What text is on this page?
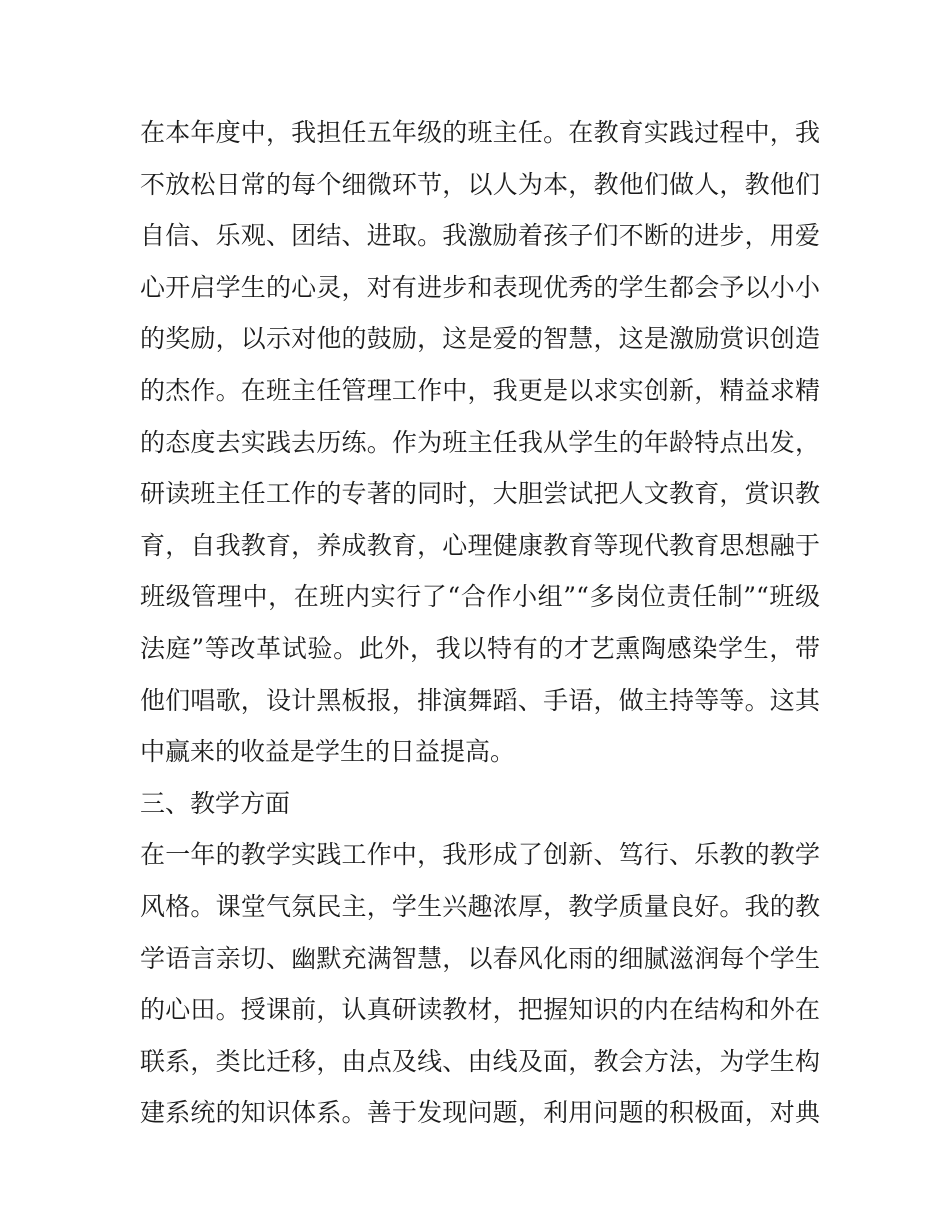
在本年度中，我担任五年级的班主任。在教育实践过程中，我
不放松日常的每个细微环节，以人为本，教他们做人，教他们
自信、乐观、团结、进取。我激励着孩子们不断的进步，用爱
心开启学生的心灵，对有进步和表现优秀的学生都会予以小小
的奖励，以示对他的鼓励，这是爱的智慧，这是激励赏识创造
的杰作。在班主任管理工作中，我更是以求实创新，精益求精
的态度去实践去历练。作为班主任我从学生的年龄特点出发，
研读班主任工作的专著的同时，大胆尝试把人文教育，赏识教
育，自我教育，养成教育，心理健康教育等现代教育思想融于
班级管理中，在班内实行了“合作小组”“多岗位责任制”“班级
法庭”等改革试验。此外，我以特有的才艺熏陶感染学生，带
他们唱歌，设计黑板报，排演舞蹈、手语，做主持等等。这其
中赢来的收益是学生的日益提高。
三、教学方面
在一年的教学实践工作中，我形成了创新、笃行、乐教的教学
风格。课堂气氛民主，学生兴趣浓厚，教学质量良好。我的教
学语言亲切、幽默充满智慧，以春风化雨的细腻滋润每个学生
的心田。授课前，认真研读教材，把握知识的内在结构和外在
联系，类比迁移，由点及线、由线及面，教会方法，为学生构
建系统的知识体系。善于发现问题，利用问题的积极面，对典
